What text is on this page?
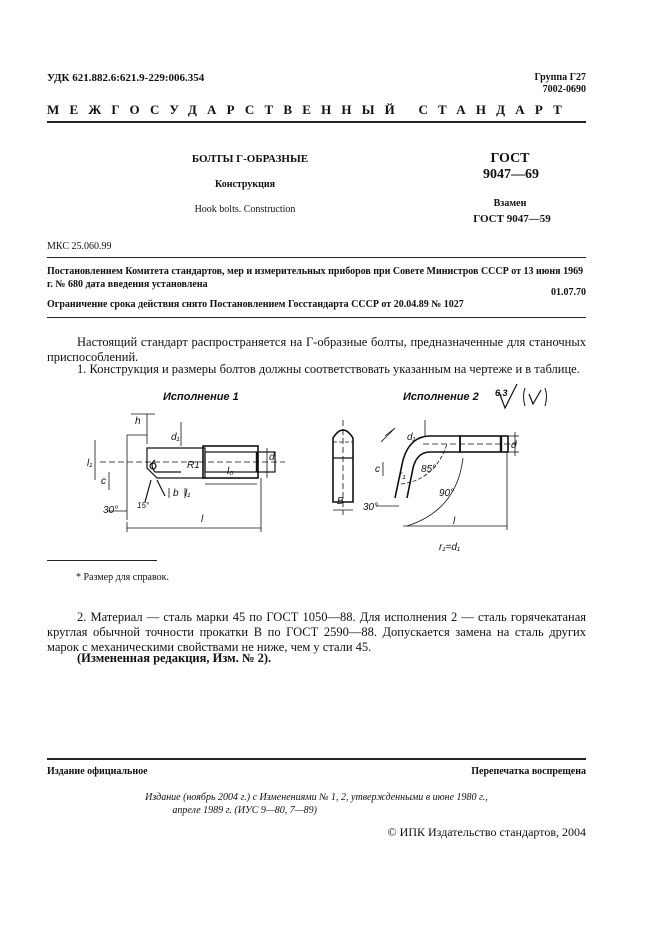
УДК 621.882.6:621.9-229:006.354	Группа Г27
7002-0690
МЕЖГОСУДАРСТВЕННЫЙ СТАНДАРТ
БОЛТЫ Г-ОБРАЗНЫЕ
Конструкция
Hook bolts. Construction
ГОСТ
9047—69
Взамен
ГОСТ 9047—59
МКС 25.060.99
Постановлением Комитета стандартов, мер и измерительных приборов при Совете Министров СССР от 13 июня 1969 г. № 680 дата введения установлена
01.07.70
Ограничение срока действия снято Постановлением Госстандарта СССР от 20.04.89 № 1027
Настоящий стандарт распространяется на Г-образные болты, предназначенные для станочных приспособлений.
1. Конструкция и размеры болтов должны соответствовать указанным на чертеже и в таблице.
Исполнение 1	Исполнение 2 6,3
h
d₁
d
l₀
l₁
c
R1
b l₁
l
30° 15°	B
30°
d₁
r₁
85°
90°
c
l
d
r₁=d₁
* Размер для справок.
2. Материал — сталь марки 45 по ГОСТ 1050—88. Для исполнения 2 — сталь горячекатаная круглая обычной точности прокатки В по ГОСТ 2590—88. Допускается замена на сталь других марок с механическими свойствами не ниже, чем у стали 45.
(Измененная редакция, Изм. № 2).
Издание официальное	Перепечатка воспрещена
Издание (ноябрь 2004 г.) с Изменениями № 1, 2, утвержденными в июне 1980 г.,
апреле 1989 г. (ИУС 9—80, 7—89)
© ИПК Издательство стандартов, 2004
